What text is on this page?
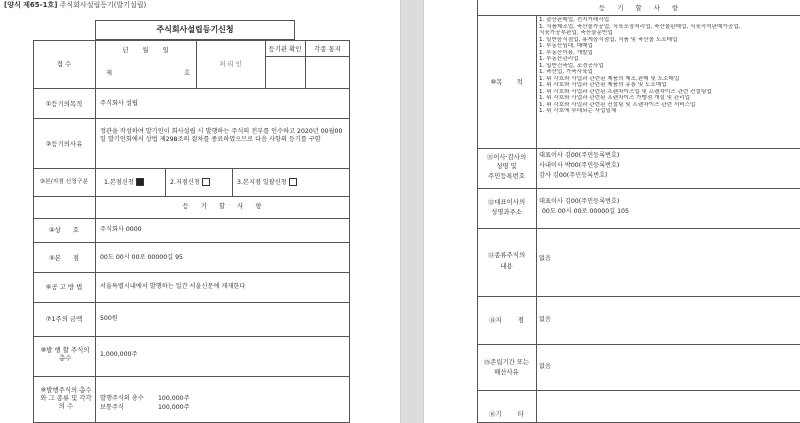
[양식 제65-1호] 주식회사설립등기(발기설립)
주식회사설립등기신청
접 수
년 월 일
제 호
처 리 인
등기관 확인	각종 통지
①등기의목적	주식회사 설립
②등기의사유
정관을 작성하여 발기인이 회사설립 시 발행하는 주식의 전부를 인수하고 2020년 00월00일 발기인회에서 상법 제298조의 절차를 종료하였으므로 다음 사항의 등기를 구함
③본/지점 신청구분	1.본점신청	2.지점신청	3.본지점 일괄신청
등 기 할 사 항
④상 호	주식회사 0000
⑤본 점	00도 00시 00로 00000길 95
⑥공 고 방 법	서울특별시내에서 발행하는 일간 서울신문에 게재한다
⑦1주의 금액	500원
⑧발 행 할 주식의총수	1,000,000주
⑨발행주식의 총수와 그 종류 및 각각의 수
발행주식의 총수 100,000주
보통주식	100,000주
등 기 할 사 항
⑩목 적
1. 출산판매업, 전지거래사업
1. 식품제조업, 축산물가공업, 식육포장처리업, 축산물판매업, 식육즉석판매가공업,
식육가공부판업, 축산물운반업
1. 일반음식점업, 휴게음식점업, 식품 및 축산물 도소매업
1. 부동산임대, 매매업
1. 부동산이용, 개발업
1. 부동산관리업
1. 일반건축업, 조경공사업
1. 축산업, 가축사육업
1. 위 각호와 사업과 관련된 제품의 제조,판매 및 도소매업
1. 위 각호와 사업과 관련된 제품의 유통 및 도소매업
1. 위 각호와 사업과 관련된 프랜차이즈업 및 프랜차이즈 관련 컨설팅업
1. 위 각호와 사업과 관련된 프랜차이즈 가맹점 개설 및 관리업
1. 위 각호와 사업과 관련된 컨설팅 및 프랜차이즈 관련 서비스업
1. 위 각호에 부대되는 사업일체
⑪이사·감사의
성명 및
주민등록번호
대표이사 김00(주민등록번호)
사내이사 박00(주민등록번호)
감사 김00(주민등록번호)
⑫대표이사의
성명과주소
대표이사 김00(주민등록번호)
00도 00시 00로 00000길 105
⑬종류주식의
내용
없음
⑭지 점	없음
⑮존립기간 또는
해산사유
없음
⑯기 타
